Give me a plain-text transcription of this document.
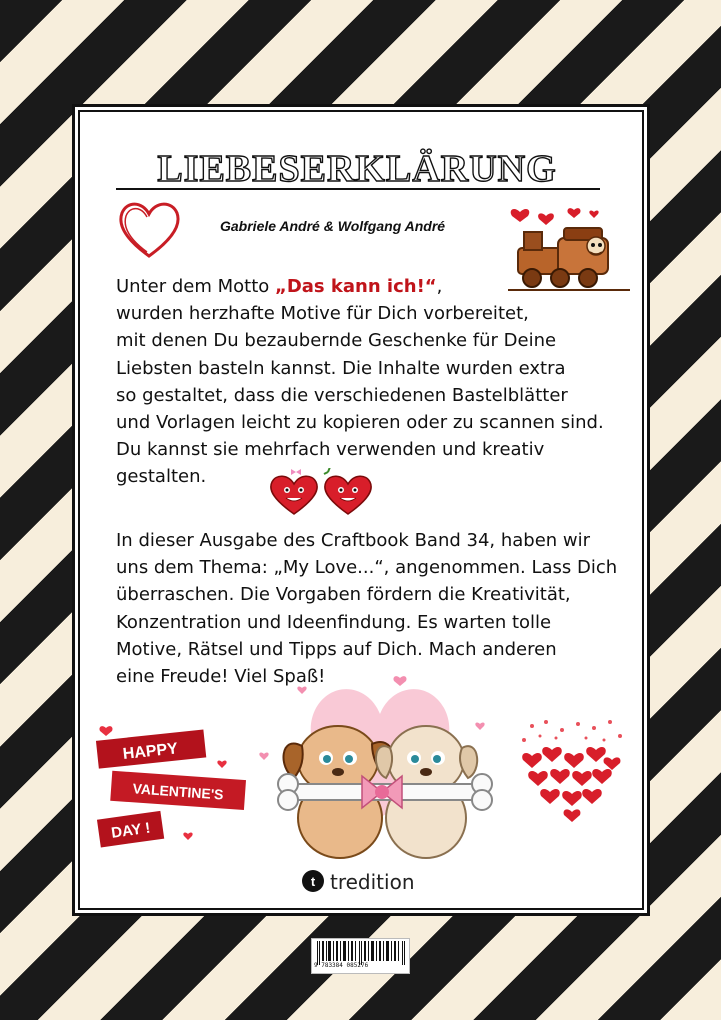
LIEBESERKLÄRUNG
Gabriele André & Wolfgang André
Unter dem Motto „Das kann ich!“,
wurden herzhafte Motive für Dich vorbereitet,
mit denen Du bezaubernde Geschenke für Deine
Liebsten basteln kannst. Die Inhalte wurden extra
so gestaltet, dass die verschiedenen Bastelblätter
und Vorlagen leicht zu kopieren oder zu scannen sind.
Du kannst sie mehrfach verwenden und kreativ
gestalten.
In dieser Ausgabe des Craftbook Band 34, haben wir
uns dem Thema: „My Love...“, angenommen. Lass Dich
überraschen. Die Vorgaben fördern die Kreativität,
Konzentration und Ideenfindung. Es warten tolle
Motive, Rätsel und Tipps auf Dich. Mach anderen
eine Freude! Viel Spaß!
HAPPY
VALENTINE'S
DAY !
t tredition
9 783384 085276
